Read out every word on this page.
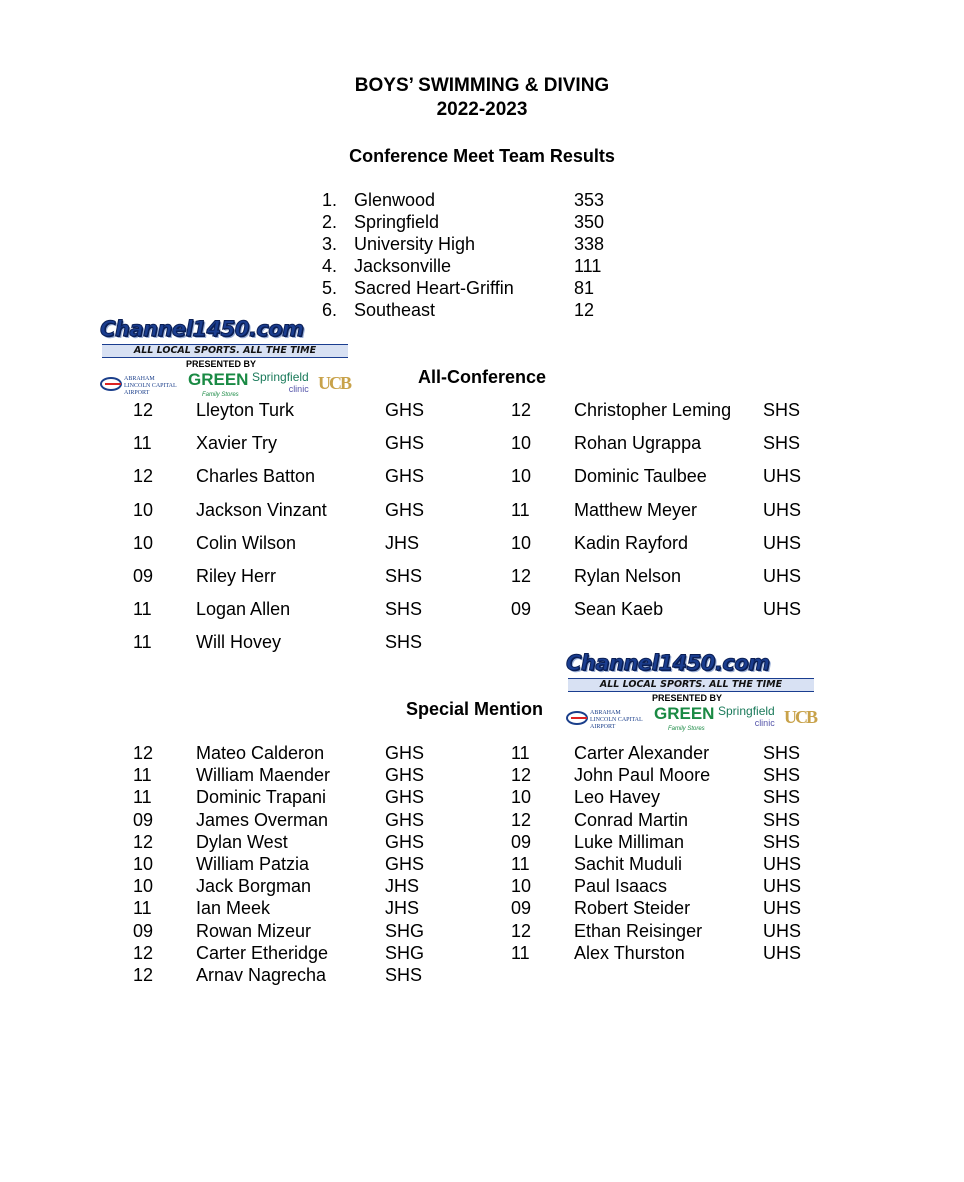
BOYS’ SWIMMING & DIVING
2022-2023
Conference Meet Team Results
1. Glenwood	353
2. Springfield	350
3. University High	338
4. Jacksonville	111
5. Sacred Heart-Griffin	81
6. Southeast	12
Channel1450.com
ALL LOCAL SPORTS. ALL THE TIME
PRESENTED BY
ABRAHAM LINCOLN CAPITAL AIRPORT
GREEN
Family Stores
Springfield
clinic UCB
Channel1450.com
ALL LOCAL SPORTS. ALL THE TIME
PRESENTED BY
ABRAHAM LINCOLN CAPITAL AIRPORT
GREEN
Family Stores
Springfield
clinic UCB
All-Conference
12 Lleyton Turk	GHS
11 Xavier Try	GHS
12 Charles Batton	GHS
10 Jackson Vinzant	GHS
10 Colin Wilson	JHS
09 Riley Herr	SHS
11 Logan Allen	SHS
11 Will Hovey	SHS
12 Christopher Leming SHS
10 Rohan Ugrappa	SHS
10 Dominic Taulbee	UHS
11 Matthew Meyer	UHS
10 Kadin Rayford	UHS
12 Rylan Nelson	UHS
09 Sean Kaeb	UHS
Special Mention
12 Mateo Calderon	GHS
11 William Maender	GHS
11 Dominic Trapani	GHS
09 James Overman	GHS
12 Dylan West	GHS
10 William Patzia	GHS
10 Jack Borgman	JHS
11 Ian Meek	JHS
09 Rowan Mizeur	SHG
12 Carter Etheridge	SHG
12 Arnav Nagrecha	SHS
11 Carter Alexander	SHS
12 John Paul Moore	SHS
10 Leo Havey	SHS
12 Conrad Martin	SHS
09 Luke Milliman	SHS
11 Sachit Muduli	UHS
10 Paul Isaacs	UHS
09 Robert Steider	UHS
12 Ethan Reisinger	UHS
11 Alex Thurston	UHS
